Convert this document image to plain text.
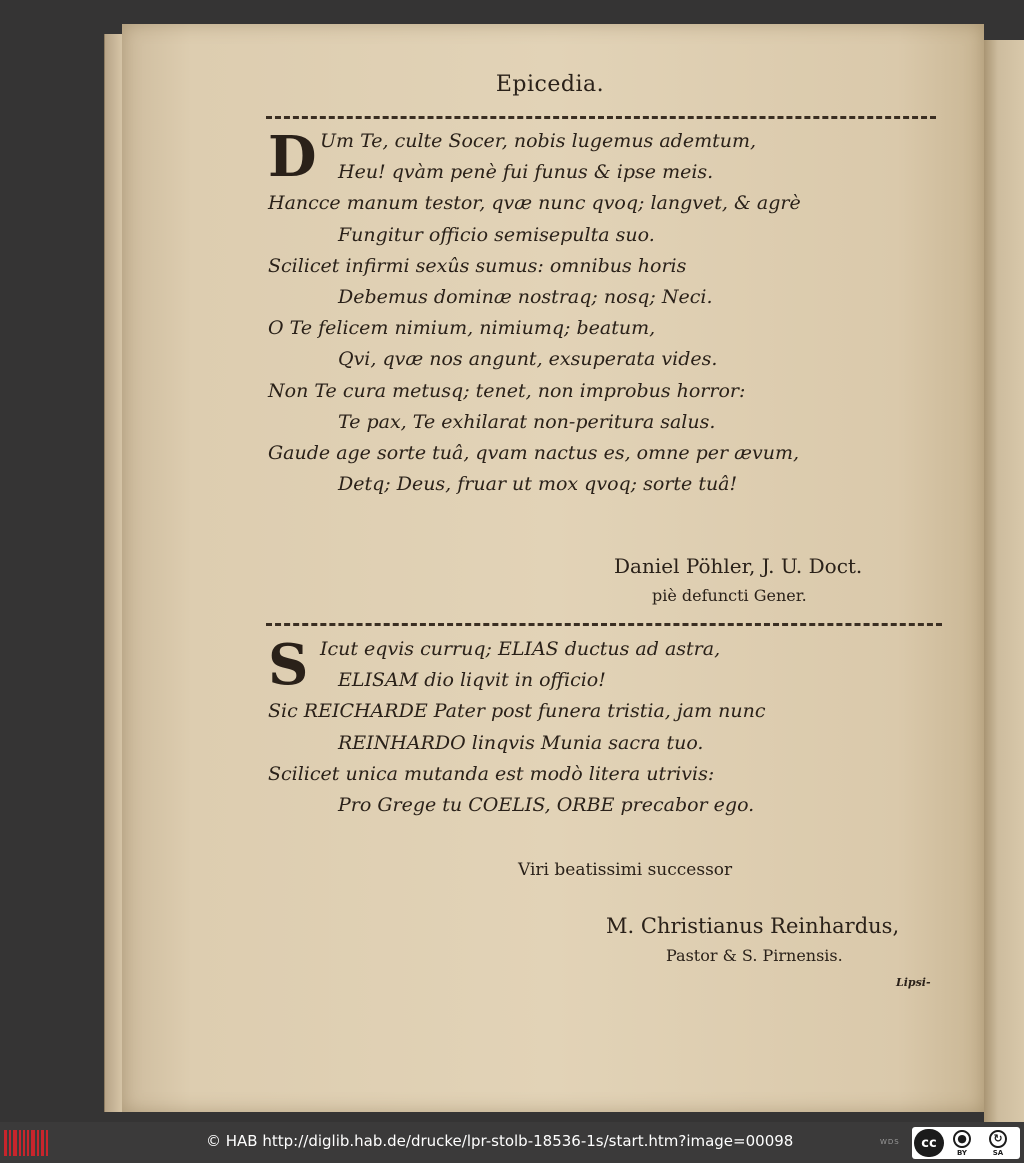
Epicedia.
D Um Te, culte Socer, nobis lugemus ademtum,
Heu! qvàm penè fui funus & ipse meis.
Hancce manum testor, qvæ nunc qvoq; langvet, & agrè
Fungitur officio semisepulta suo.
Scilicet infirmi sexûs sumus: omnibus horis
Debemus dominæ nostraq; nosq; Neci.
O Te felicem nimium, nimiumq; beatum,
Qvi, qvæ nos angunt, exsuperata vides.
Non Te cura metusq; tenet, non improbus horror:
Te pax, Te exhilarat non-peritura salus.
Gaude age sorte tuâ, qvam nactus es, omne per ævum,
Detq; Deus, fruar ut mox qvoq; sorte tuâ!
Daniel Pöhler, J. U. Doct.
piè defuncti Gener.
S Icut eqvis curruq; ELIAS ductus ad astra,
ELISAM dio liqvit in officio!
Sic REICHARDE Pater post funera tristia, jam nunc
REINHARDO linqvis Munia sacra tuo.
Scilicet unica mutanda est modò litera utrivis:
Pro Grege tu COELIS, ORBE precabor ego.
Viri beatissimi successor
M. Christianus Reinhardus,
Pastor & S. Pirnensis.
Lipsi-
© HAB http://diglib.hab.de/drucke/lpr-stolb-18536-1s/start.htm?image=00098	WDS	cc	●
BY
↻
SA
